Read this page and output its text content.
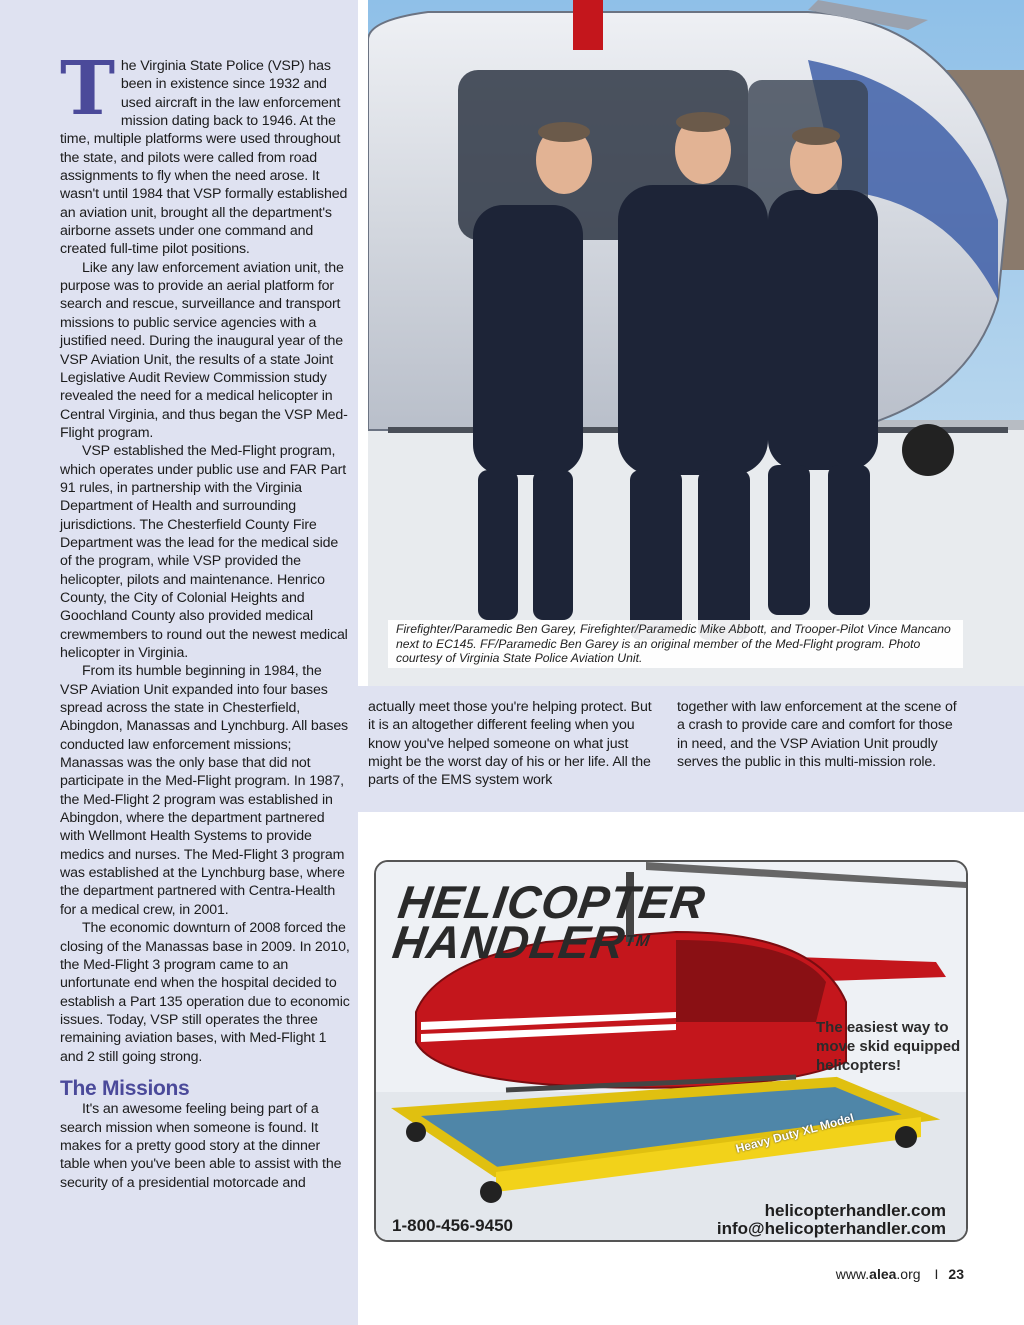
The Virginia State Police (VSP) has been in existence since 1932 and used aircraft in the law enforcement mission dating back to 1946. At the time, multiple platforms were used throughout the state, and pilots were called from road assignments to fly when the need arose. It wasn't until 1984 that VSP formally established an aviation unit, brought all the department's airborne assets under one command and created full-time pilot positions.

Like any law enforcement aviation unit, the purpose was to provide an aerial platform for search and rescue, surveillance and transport missions to public service agencies with a justified need. During the inaugural year of the VSP Aviation Unit, the results of a state Joint Legislative Audit Review Commission study revealed the need for a medical helicopter in Central Virginia, and thus began the VSP Med-Flight program.

VSP established the Med-Flight program, which operates under public use and FAR Part 91 rules, in partnership with the Virginia Department of Health and surrounding jurisdictions. The Chesterfield County Fire Department was the lead for the medical side of the program, while VSP provided the helicopter, pilots and maintenance. Henrico County, the City of Colonial Heights and Goochland County also provided medical crewmembers to round out the newest medical helicopter in Virginia.

From its humble beginning in 1984, the VSP Aviation Unit expanded into four bases spread across the state in Chesterfield, Abingdon, Manassas and Lynchburg. All bases conducted law enforcement missions; Manassas was the only base that did not participate in the Med-Flight program. In 1987, the Med-Flight 2 program was established in Abingdon, where the department partnered with Wellmont Health Systems to provide medics and nurses. The Med-Flight 3 program was established at the Lynchburg base, where the department partnered with Centra-Health for a medical crew, in 2001.

The economic downturn of 2008 forced the closing of the Manassas base in 2009. In 2010, the Med-Flight 3 program came to an unfortunate end when the hospital decided to establish a Part 135 operation due to economic issues. Today, VSP still operates the three remaining aviation bases, with Med-Flight 1 and 2 still going strong.

The Missions

It's an awesome feeling being part of a search mission when someone is found. It makes for a pretty good story at the dinner table when you've been able to assist with the security of a presidential motorcade and

Firefighter/Paramedic Ben Garey, Firefighter/Paramedic Mike Abbott, and Trooper-Pilot Vince Mancano next to EC145. FF/Paramedic Ben Garey is an original member of the Med-Flight program. Photo courtesy of Virginia State Police Aviation Unit.

actually meet those you're helping protect. But it is an altogether different feeling when you know you've helped someone on what just might be the worst day of his or her life. All the parts of the EMS system work

together with law enforcement at the scene of a crash to provide care and comfort for those in need, and the VSP Aviation Unit proudly serves the public in this multi-mission role.

HELICOPTER
HANDLER™
The easiest way to move skid equipped helicopters!
Heavy Duty XL Model
helicopterhandler.com
info@helicopterhandler.com
1-800-456-9450
www.alea.org I 23
